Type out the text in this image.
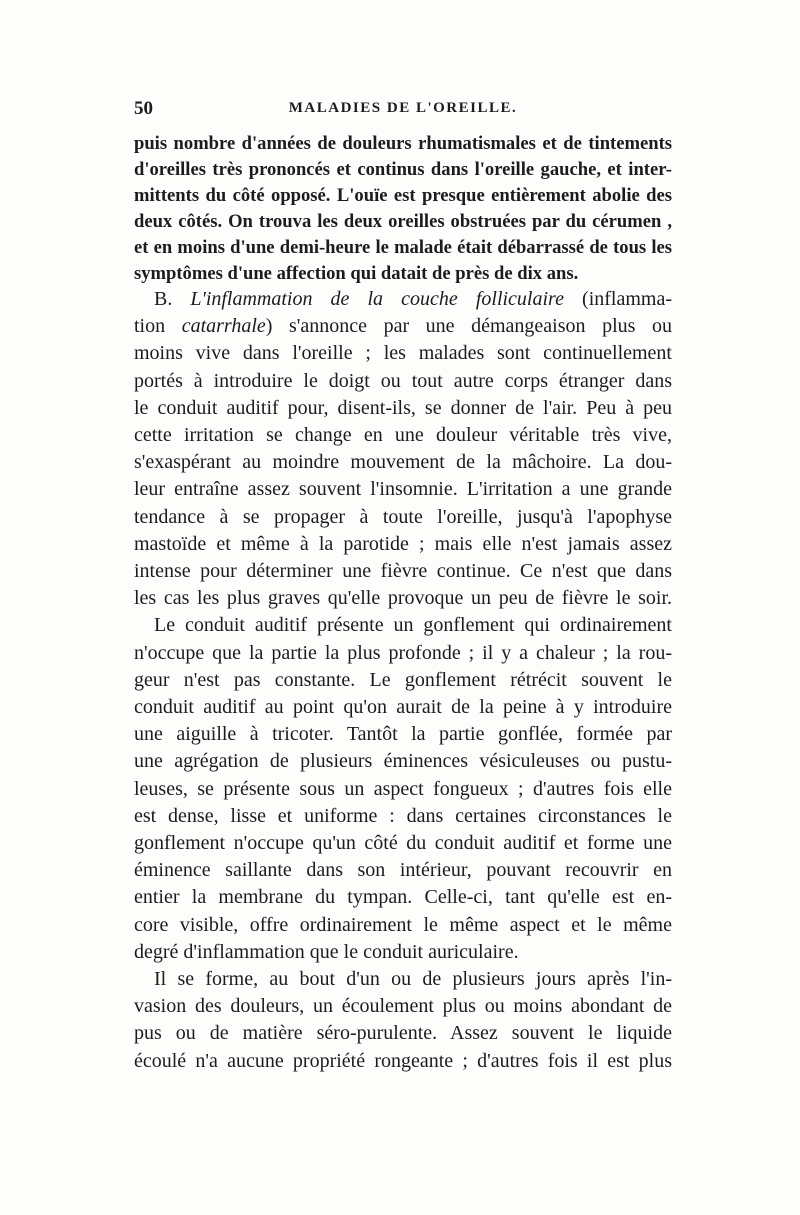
50	MALADIES DE L'OREILLE.

puis nombre d'années de douleurs rhumatismales et de tintements
d'oreilles très prononcés et continus dans l'oreille gauche, et inter-
mittents du côté opposé. L'ouïe est presque entièrement abolie des
deux côtés. On trouva les deux oreilles obstruées par du cérumen ,
et en moins d'une demi-heure le malade était débarrassé de tous les
symptômes d'une affection qui datait de près de dix ans.

B. L'inflammation de la couche folliculaire (inflamma-
tion catarrhale) s'annonce par une démangeaison plus ou
moins vive dans l'oreille ; les malades sont continuellement
portés à introduire le doigt ou tout autre corps étranger dans
le conduit auditif pour, disent-ils, se donner de l'air. Peu à peu
cette irritation se change en une douleur véritable très vive,
s'exaspérant au moindre mouvement de la mâchoire. La dou-
leur entraîne assez souvent l'insomnie. L'irritation a une grande
tendance à se propager à toute l'oreille, jusqu'à l'apophyse
mastoïde et même à la parotide ; mais elle n'est jamais assez
intense pour déterminer une fièvre continue. Ce n'est que dans
les cas les plus graves qu'elle provoque un peu de fièvre le soir.

Le conduit auditif présente un gonflement qui ordinairement
n'occupe que la partie la plus profonde ; il y a chaleur ; la rou-
geur n'est pas constante. Le gonflement rétrécit souvent le
conduit auditif au point qu'on aurait de la peine à y introduire
une aiguille à tricoter. Tantôt la partie gonflée, formée par
une agrégation de plusieurs éminences vésiculeuses ou pustu-
leuses, se présente sous un aspect fongueux ; d'autres fois elle
est dense, lisse et uniforme : dans certaines circonstances le
gonflement n'occupe qu'un côté du conduit auditif et forme une
éminence saillante dans son intérieur, pouvant recouvrir en
entier la membrane du tympan. Celle-ci, tant qu'elle est en-
core visible, offre ordinairement le même aspect et le même
degré d'inflammation que le conduit auriculaire.

Il se forme, au bout d'un ou de plusieurs jours après l'in-
vasion des douleurs, un écoulement plus ou moins abondant de
pus ou de matière séro-purulente. Assez souvent le liquide
écoulé n'a aucune propriété rongeante ; d'autres fois il est plus
